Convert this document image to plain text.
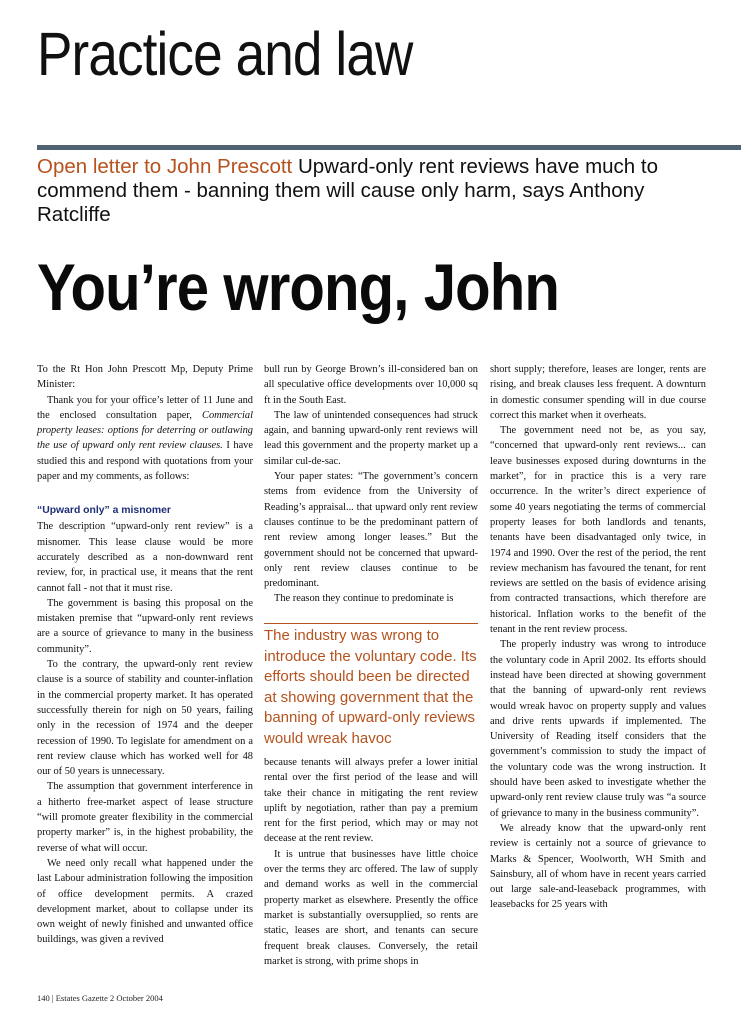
Practice and law

Open letter to John Prescott Upward-only rent reviews have much to commend them - banning them will cause only harm, says Anthony Ratcliffe

You’re wrong, John

To the Rt Hon John Prescott Mp, Deputy Prime Minister:

Thank you for your office’s letter of 11 June and the enclosed consultation paper, Commercial property leases: options for deterring or outlawing the use of upward only rent review clauses. I have studied this and respond with quotations from your paper and my comments, as follows:

“Upward only” a misnomer

The description “upward-only rent review” is a misnomer. This lease clause would be more accurately described as a non-downward rent review, for, in practical use, it means that the rent cannot fall - not that it must rise.

The government is basing this proposal on the mistaken premise that “upward-only rent reviews are a source of grievance to many in the business community”.

To the contrary, the upward-only rent review clause is a source of stability and counter-inflation in the commercial property market. It has operated successfully therein for nigh on 50 years, failing only in the recession of 1974 and the deeper recession of 1990. To legislate for amendment on a rent review clause which has worked well for 48 our of 50 years is unnecessary.

The assumption that government interference in a hitherto free-market aspect of lease structure “will promote greater flexibility in the commercial property marker” is, in the highest probability, the reverse of what will occur.

We need only recall what happened under the last Labour administration following the imposition of office development permits. A crazed development market, about to collapse under its own weight of newly finished and unwanted office buildings, was given a revived

bull run by George Brown’s ill-considered ban on all speculative office developments over 10,000 sq ft in the South East.

The law of unintended consequences had struck again, and banning upward-only rent reviews will lead this government and the property market up a similar cul-de-sac.

Your paper states: “The government’s concern stems from evidence from the University of Reading’s appraisal... that upward only rent review clauses continue to be the predominant pattern of rent review among longer leases.” But the government should not be concerned that upward-only rent review clauses continue to be predominant.

The reason they continue to predominate is

The industry was wrong to introduce the voluntary code. Its efforts should been be directed at showing government that the banning of upward-only reviews would wreak havoc

because tenants will always prefer a lower initial rental over the first period of the lease and will take their chance in mitigating the rent review uplift by negotiation, rather than pay a premium rent for the first period, which may or may not decease at the rent review.

It is untrue that businesses have little choice over the terms they arc offered. The law of supply and demand works as well in the commercial property market as elsewhere. Presently the office market is substantially oversupplied, so rents are static, leases are short, and tenants can secure frequent break clauses. Conversely, the retail market is strong, with prime shops in

short supply; therefore, leases are longer, rents are rising, and break clauses less frequent. A downturn in domestic consumer spending will in due course correct this market when it overheats.

The government need not be, as you say, “concerned that upward-only rent reviews... can leave businesses exposed during downturns in the market”, for in practice this is a very rare occurrence. In the writer’s direct experience of some 40 years negotiating the terms of commercial property leases for both landlords and tenants, tenants have been disadvantaged only twice, in 1974 and 1990. Over the rest of the period, the rent review mechanism has favoured the tenant, for rent reviews are settled on the basis of evidence arising from contracted transactions, which therefore are historical. Inflation works to the benefit of the tenant in the rent review process.

The properly industry was wrong to introduce the voluntary code in April 2002. Its efforts should instead have been directed at showing government that the banning of upward-only rent reviews would wreak havoc on property supply and values and drive rents upwards if implemented. The University of Reading itself considers that the government’s commission to study the impact of the voluntary code was the wrong instruction. It should have been asked to investigate whether the upward-only rent review clause truly was “a source of grievance to many in the business community”.

We already know that the upward-only rent review is certainly not a source of grievance to Marks & Spencer, Woolworth, WH Smith and Sainsbury, all of whom have in recent years carried out large sale-and-leaseback programmes, with leasebacks for 25 years with

140 | Estates Gazette 2 October 2004
